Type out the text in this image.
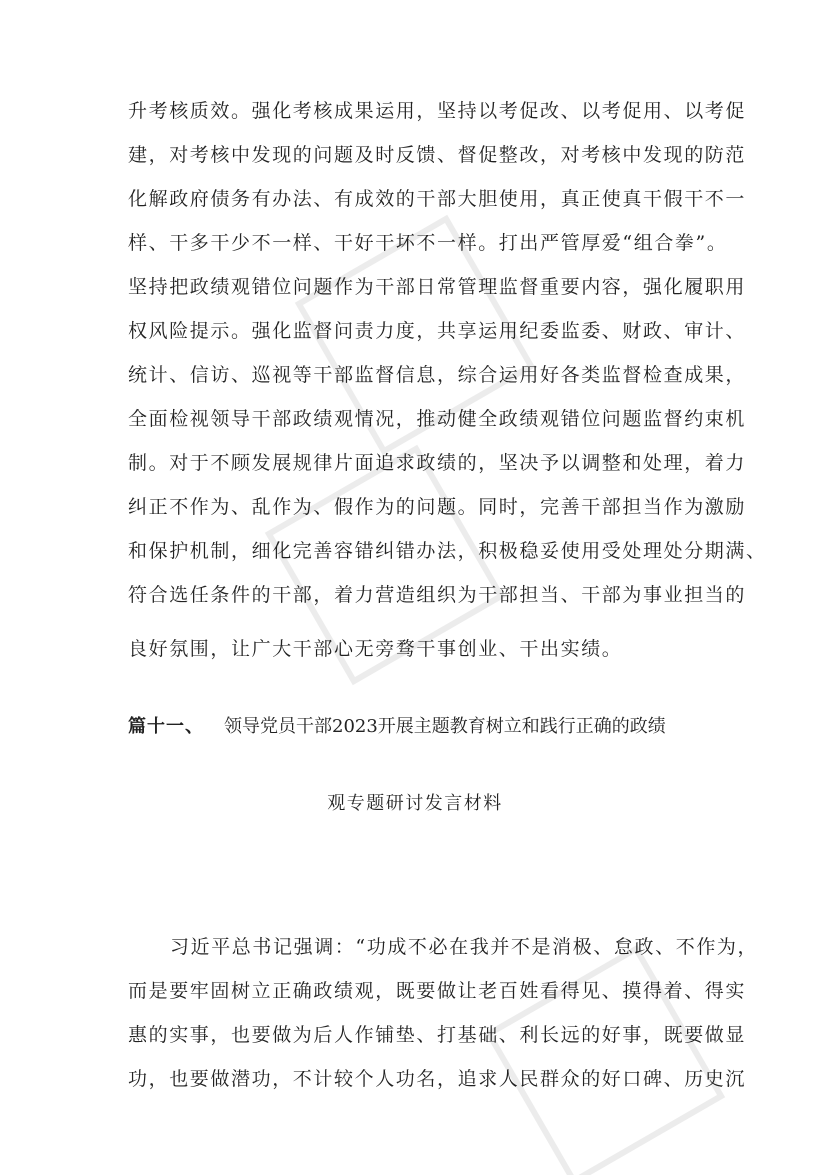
升考核质效。强化考核成果运用，坚持以考促改、以考促用、以考促
建，对考核中发现的问题及时反馈、督促整改，对考核中发现的防范
化解政府债务有办法、有成效的干部大胆使用，真正使真干假干不一
样、干多干少不一样、干好干坏不一样。打出严管厚爱“组合拳”。
坚持把政绩观错位问题作为干部日常管理监督重要内容，强化履职用
权风险提示。强化监督问责力度，共享运用纪委监委、财政、审计、
统计、信访、巡视等干部监督信息，综合运用好各类监督检查成果，
全面检视领导干部政绩观情况，推动健全政绩观错位问题监督约束机
制。对于不顾发展规律片面追求政绩的，坚决予以调整和处理，着力
纠正不作为、乱作为、假作为的问题。同时，完善干部担当作为激励
和保护机制，细化完善容错纠错办法，积极稳妥使用受处理处分期满、
符合选任条件的干部，着力营造组织为干部担当、干部为事业担当的
良好氛围，让广大干部心无旁骛干事创业、干出实绩。
篇十一、 领导党员干部2023开展主题教育树立和践行正确的政绩
观专题研讨发言材料
习近平总书记强调：“功成不必在我并不是消极、怠政、不作为，
而是要牢固树立正确政绩观，既要做让老百姓看得见、摸得着、得实
惠的实事，也要做为后人作铺垫、打基础、利长远的好事，既要做显
功，也要做潜功，不计较个人功名，追求人民群众的好口碑、历史沉
